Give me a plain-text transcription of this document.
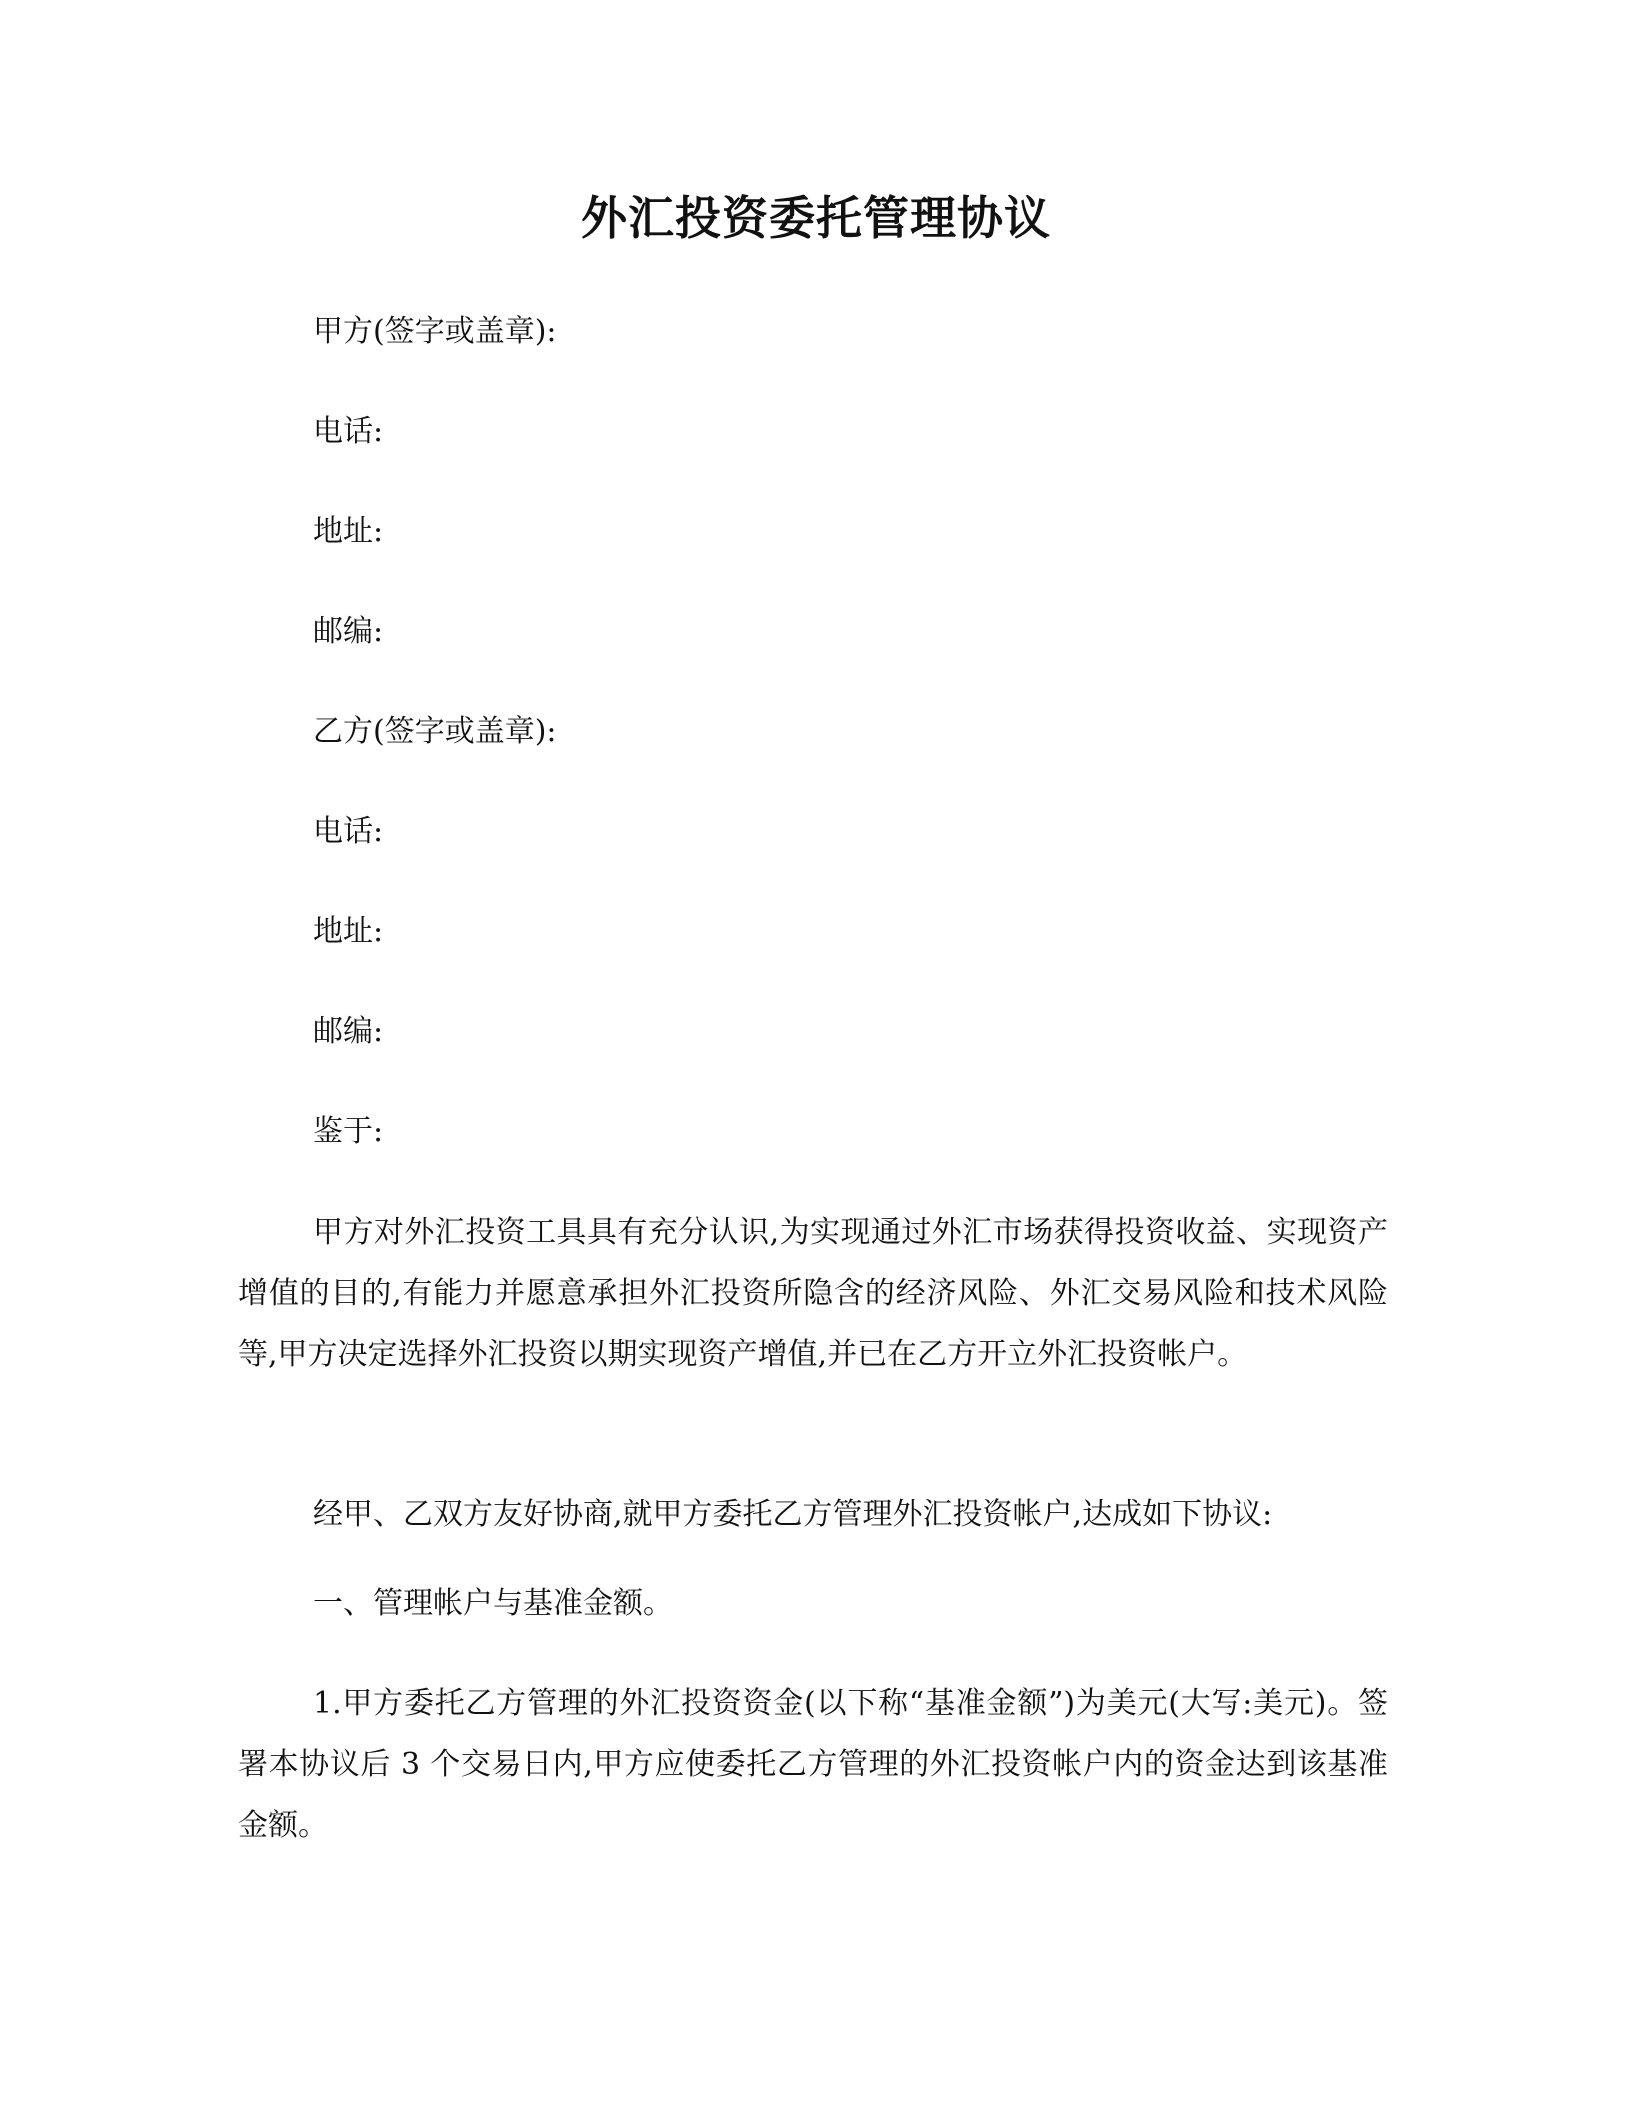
外汇投资委托管理协议
甲方(签字或盖章):
电话:
地址:
邮编:
乙方(签字或盖章):
电话:
地址:
邮编:
鉴于:

甲方对外汇投资工具具有充分认识,为实现通过外汇市场获得投资收益、实现资产增值的目的,有能力并愿意承担外汇投资所隐含的经济风险、外汇交易风险和技术风险等,甲方决定选择外汇投资以期实现资产增值,并已在乙方开立外汇投资帐户。

经甲、乙双方友好协商,就甲方委托乙方管理外汇投资帐户,达成如下协议:

一、管理帐户与基准金额。

1.甲方委托乙方管理的外汇投资资金(以下称“基准金额”)为美元(大写:美元)。签署本协议后 3 个交易日内,甲方应使委托乙方管理的外汇投资帐户内的资金达到该基准金额。
